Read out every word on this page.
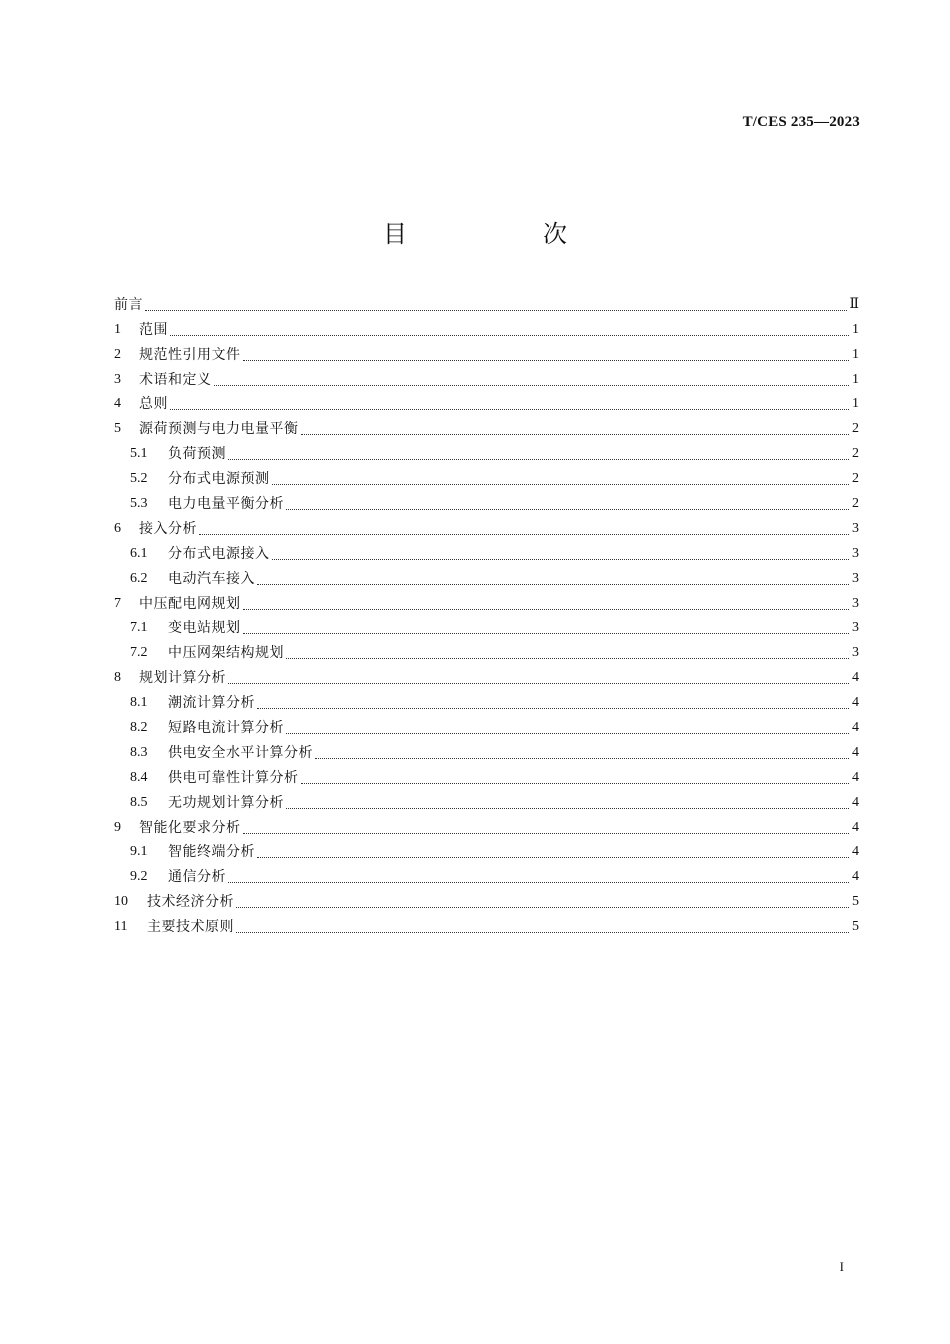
T/CES 235—2023
目　次
前言	Ⅱ
1	范围	1
2	规范性引用文件	1
3	术语和定义	1
4	总则	1
5	源荷预测与电力电量平衡	2
5.1	负荷预测	2
5.2	分布式电源预测	2
5.3	电力电量平衡分析	2
6	接入分析	3
6.1	分布式电源接入	3
6.2	电动汽车接入	3
7	中压配电网规划	3
7.1	变电站规划	3
7.2	中压网架结构规划	3
8	规划计算分析	4
8.1	潮流计算分析	4
8.2	短路电流计算分析	4
8.3	供电安全水平计算分析	4
8.4	供电可靠性计算分析	4
8.5	无功规划计算分析	4
9	智能化要求分析	4
9.1	智能终端分析	4
9.2	通信分析	4
10	技术经济分析	5
11	主要技术原则	5
I
